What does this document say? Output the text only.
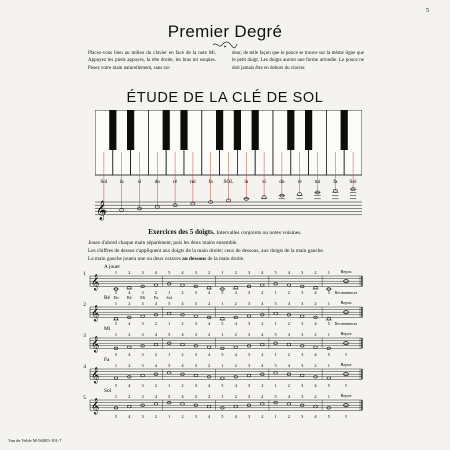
5
Premier Degré
Placez-vous bien au milieu du clavier en face de la note Mi. Appuyez les pieds appuyés, la tête droite, les bras mi souples. Posez votre main naturellement, sans rai-
deur, de telle façon que le pouce se trouve sur la même ligne que le petit doigt. Les doigts auront une forme arrondie. Le pouce ne doit jamais être en dehors du clavier.
ÉTUDE DE LA CLÉ DE SOL
Sol la	si	do ré mi fa SOL la	si	do ré mi fa Sol
𝄞
Exercices des 5 doigts. Intervalles conjoints ou notes voisines.
Jouez d'abord chaque main séparément, puis les deux mains ensemble.
Les chiffres de dessus s'appliquent aux doigts de la main droite; ceux de dessous, aux doigts de la main gauche.
La main gauche jouera une ou deux octaves au dessous de la main droite.
1
A jouer
𝄞
1
5
2
4
3
3
4
2
5
1
4
2
3
3
2
4
1
5
2
4
3
3
4
2
5
1
4
2
3
3
2
4
1
5
Repos
Recommencez
Do Ré Mi Fa Sol
2
Ré
𝄞
1
5
2
4
3
3
4
2
5
1
4
2
3
3
2
4
1
5
2
4
3
3
4
2
5
1
4
2
3
3
2
4
1
5
Repos
Recommencez
3
Mi
𝄞
1
5
2
4
3
3
4
2
5
1
4
2
3
3
2
4
1
5
2
4
3
3
4
2
5
1
4
2
3
3
2
4
1
5
Repos
5
4
Fa
𝄞
1
5
2
4
3
3
4
2
5
1
4
2
3
3
2
4
1
5
2
4
3
3
4
2
5
1
4
2
3
3
2
4
1
5
Repos
5
5
Sol
𝄞
1
5
2
4
3
3
4
2
5
1
4
2
3
3
2
4
1
5
2
4
3
3
4
2
5
1
4
2
3
3
2
4
1
5
Repos
5
Van de Velde M-56005-101-7
